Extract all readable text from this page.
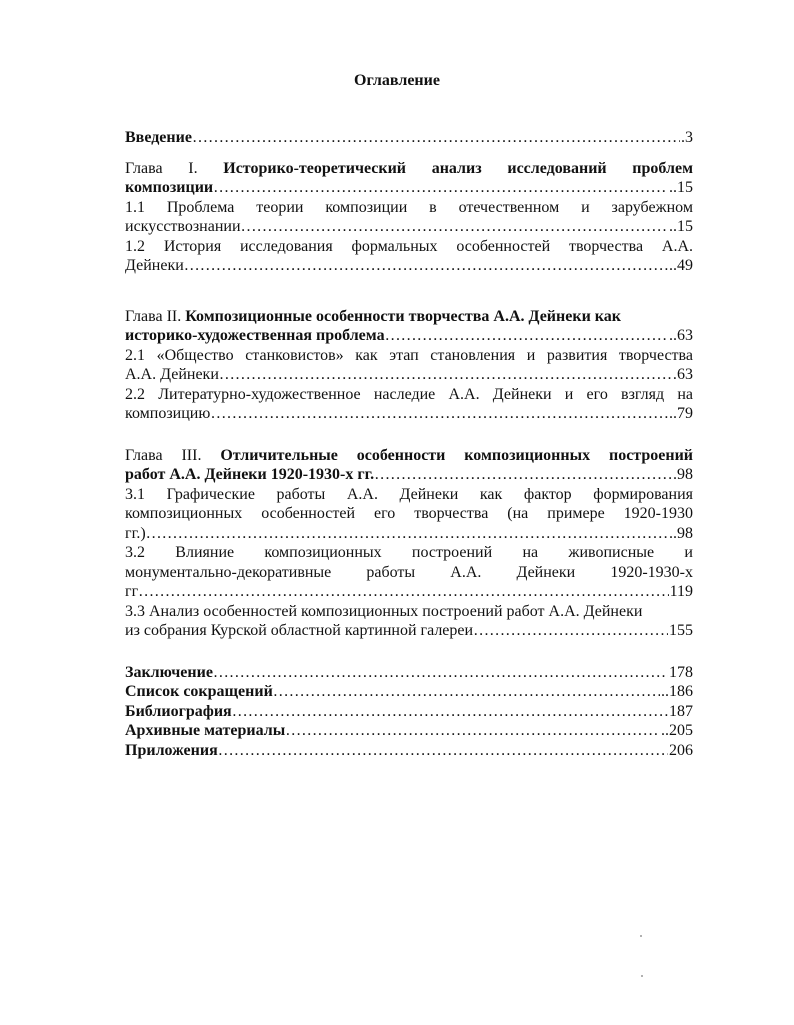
Оглавление
Введение ……………………………………………………………………………………………………………………………………………………………………	.3
Глава I. Историко-теоретический анализ исследований проблем
композиции ……………………………………………………………………………………………………………………………………………………………………	..15
1.1 Проблема теории композиции в отечественном и зарубежном
искусствознании ……………………………………………………………………………………………………………………………………………………………………	..15
1.2 История исследования формальных особенностей творчества А.А.
Дейнеки ……………………………………………………………………………………………………………………………………………………………………	..49
Глава II. Композиционные особенности творчества А.А. Дейнеки как
историко-художественная проблема ……………………………………………………………………………………………………………………………………………………………………	..63
2.1 «Общество станковистов» как этап становления и развития творчества
А.А. Дейнеки ……………………………………………………………………………………………………………………………………………………………………	63
2.2 Литературно-художественное наследие А.А. Дейнеки и его взгляд на
композицию ……………………………………………………………………………………………………………………………………………………………………	..79
Глава III. Отличительные особенности композиционных построений
работ А.А. Дейнеки 1920-1930-х гг. ……………………………………………………………………………………………………………………………………………………………………	.98
3.1 Графические работы А.А. Дейнеки как фактор формирования
композиционных особенностей его творчества (на примере 1920-1930
гг.) ……………………………………………………………………………………………………………………………………………………………………	..98
3.2 Влияние композиционных построений на живописные и
монументально-декоративные работы А.А. Дейнеки 1920-1930-х
гг ……………………………………………………………………………………………………………………………………………………………………	119
3.3 Анализ особенностей композиционных построений работ А.А. Дейнеки
из собрания Курской областной картинной галереи ……………………………………………………………………………………………………………………………………………………………………	155
Заключение ……………………………………………………………………………………………………………………………………………………………………	178
Список сокращений ……………………………………………………………………………………………………………………………………………………………………	..186
Библиография ……………………………………………………………………………………………………………………………………………………………………	187
Архивные материалы ……………………………………………………………………………………………………………………………………………………………………	..205
Приложения ……………………………………………………………………………………………………………………………………………………………………	206
